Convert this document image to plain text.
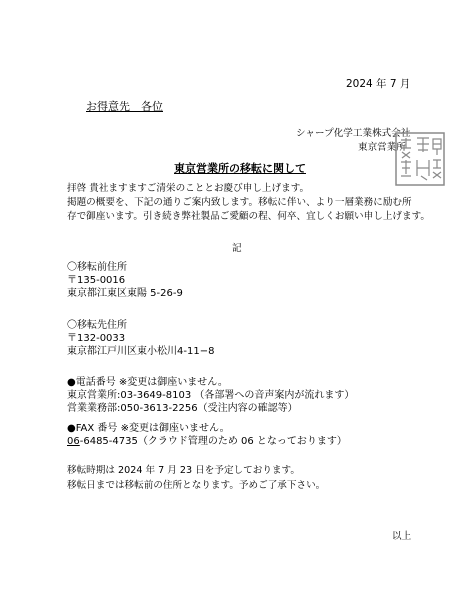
2024 年 7 月
お得意先　各位
シャープ化学工業株式会社
東京営業所
東京営業所の移転に関して
拝啓 貴社ますますご清栄のこととお慶び申し上げます。
掲題の概要を、下記の通りご案内致します。移転に伴い、より一層業務に励む所
存で御座います。引き続き弊社製品ご愛顧の程、何卒、宜しくお願い申し上げます。
記
〇移転前住所
〒135-0016
東京都江東区東陽 5-26-9
〇移転先住所
〒132-0033
東京都江戸川区東小松川4-11−8
●電話番号 ※変更は御座いません。
東京営業所:03-3649-8103 （各部署への音声案内が流れます）
営業業務部:050-3613-2256（受注内容の確認等）
●FAX 番号 ※変更は御座いません。
06-6485-4735（クラウド管理のため 06 となっております）
移転時期は 2024 年 7 月 23 日を予定しております。
移転日までは移転前の住所となります。予めご了承下さい。
以上
